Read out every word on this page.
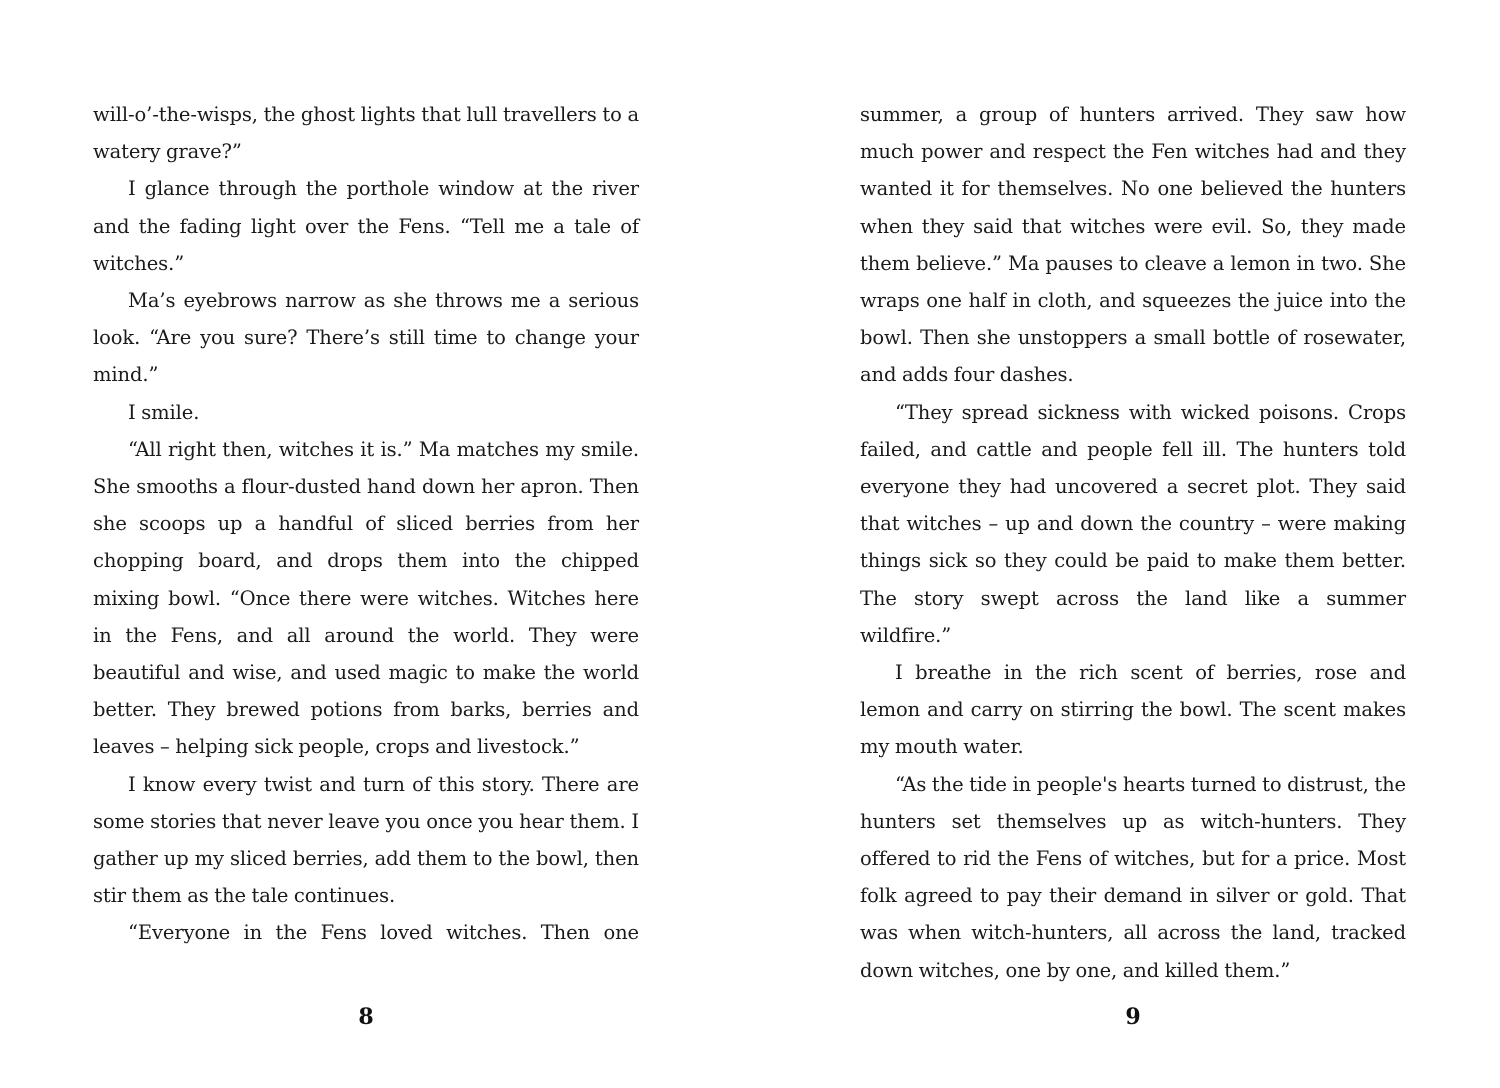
will-o’-the-wisps, the ghost lights that lull travellers to a watery grave?”

I glance through the porthole window at the river and the fading light over the Fens. “Tell me a tale of witches.”

Ma’s eyebrows narrow as she throws me a serious look. “Are you sure? There’s still time to change your mind.”

I smile.

“All right then, witches it is.” Ma matches my smile. She smooths a flour-dusted hand down her apron. Then she scoops up a handful of sliced berries from her chopping board, and drops them into the chipped mixing bowl. “Once there were witches. Witches here in the Fens, and all around the world. They were beautiful and wise, and used magic to make the world better. They brewed potions from barks, berries and leaves – helping sick people, crops and livestock.”

I know every twist and turn of this story. There are some stories that never leave you once you hear them. I gather up my sliced berries, add them to the bowl, then stir them as the tale continues.

“Everyone in the Fens loved witches. Then one

summer, a group of hunters arrived. They saw how much power and respect the Fen witches had and they wanted it for themselves. No one believed the hunters when they said that witches were evil. So, they made them believe.” Ma pauses to cleave a lemon in two. She wraps one half in cloth, and squeezes the juice into the bowl. Then she unstoppers a small bottle of rosewater, and adds four dashes.

“They spread sickness with wicked poisons. Crops failed, and cattle and people fell ill. The hunters told everyone they had uncovered a secret plot. They said that witches – up and down the country – were making things sick so they could be paid to make them better. The story swept across the land like a summer wildfire.”

I breathe in the rich scent of berries, rose and lemon and carry on stirring the bowl. The scent makes my mouth water.

“As the tide in people's hearts turned to distrust, the hunters set themselves up as witch-hunters. They offered to rid the Fens of witches, but for a price. Most folk agreed to pay their demand in silver or gold. That was when witch-hunters, all across the land, tracked down witches, one by one, and killed them.”

8	9
